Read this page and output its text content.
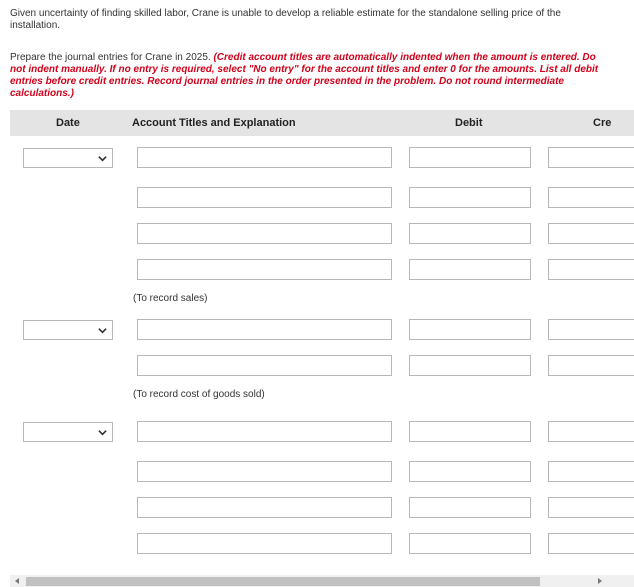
Given uncertainty of finding skilled labor, Crane is unable to develop a reliable estimate for the standalone selling price of the installation.
Prepare the journal entries for Crane in 2025. (Credit account titles are automatically indented when the amount is entered. Do not indent manually. If no entry is required, select "No entry" for the account titles and enter 0 for the amounts. List all debit entries before credit entries. Record journal entries in the order presented in the problem. Do not round intermediate calculations.)
Date	Account Titles and Explanation	Debit	Cre
(To record sales)
(To record cost of goods sold)
